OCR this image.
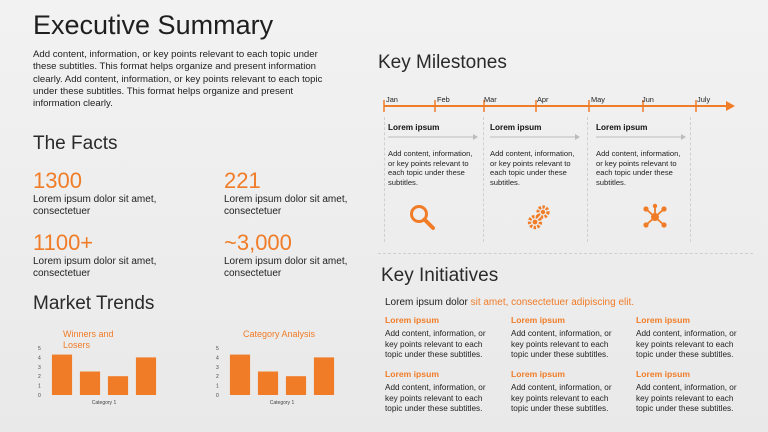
Executive Summary
Add content, information, or key points relevant to each topic under these subtitles. This format helps organize and present information clearly. Add content, information, or key points relevant to each topic under these subtitles. This format helps organize and present information clearly.
The Facts
1300
Lorem ipsum dolor sit amet, consectetuer
221
Lorem ipsum dolor sit amet, consectetuer
1100+
Lorem ipsum dolor sit amet, consectetuer
~3,000
Lorem ipsum dolor sit amet, consectetuer
Market Trends
Winners and Losers
0
1
2
3
4
5
Category 1
Category Analysis
0
1
2
3
4
5
Category 1
Key Milestones
Jan	Feb	Mar	Apr	May	Jun	July
Lorem ipsum
Add content, information, or key points relevant to each topic under these subtitles.
Lorem ipsum
Add content, information, or key points relevant to each topic under these subtitles.
Lorem ipsum
Add content, information, or key points relevant to each topic under these subtitles.
Key Initiatives
Lorem ipsum dolor sit amet, consectetuer adipiscing elit.
Lorem ipsum
Add content, information, or key points relevant to each topic under these subtitles.
Lorem ipsum
Add content, information, or key points relevant to each topic under these subtitles.
Lorem ipsum
Add content, information, or key points relevant to each topic under these subtitles.
Lorem ipsum
Add content, information, or key points relevant to each topic under these subtitles.
Lorem ipsum
Add content, information, or key points relevant to each topic under these subtitles.
Lorem ipsum
Add content, information, or key points relevant to each topic under these subtitles.
